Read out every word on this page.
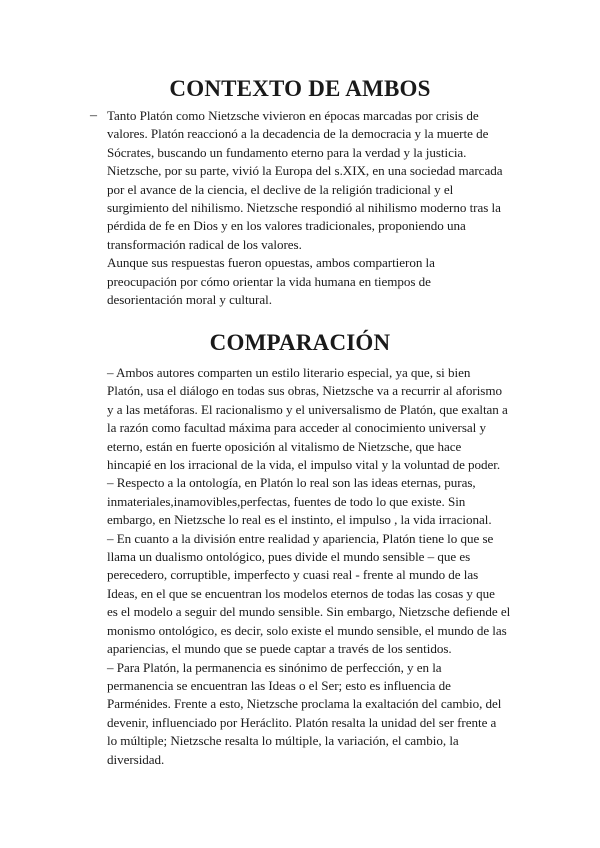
CONTEXTO DE AMBOS
– Tanto Platón como Nietzsche vivieron en épocas marcadas por crisis de
valores. Platón reaccionó a la decadencia de la democracia y la muerte de
Sócrates, buscando un fundamento eterno para la verdad y la justicia.
Nietzsche, por su parte, vivió la Europa del s.XIX, en una sociedad marcada
por el avance de la ciencia, el declive de la religión tradicional y el
surgimiento del nihilismo. Nietzsche respondió al nihilismo moderno tras la
pérdida de fe en Dios y en los valores tradicionales, proponiendo una
transformación radical de los valores.
Aunque sus respuestas fueron opuestas, ambos compartieron la
preocupación por cómo orientar la vida humana en tiempos de
desorientación moral y cultural.
COMPARACIÓN
– Ambos autores comparten un estilo literario especial, ya que, si bien
Platón, usa el diálogo en todas sus obras, Nietzsche va a recurrir al aforismo
y a las metáforas. El racionalismo y el universalismo de Platón, que exaltan a
la razón como facultad máxima para acceder al conocimiento universal y
eterno, están en fuerte oposición al vitalismo de Nietzsche, que hace
hincapié en los irracional de la vida, el impulso vital y la voluntad de poder.
– Respecto a la ontología, en Platón lo real son las ideas eternas, puras,
inmateriales,inamovibles,perfectas, fuentes de todo lo que existe. Sin
embargo, en Nietzsche lo real es el instinto, el impulso , la vida irracional.
– En cuanto a la división entre realidad y apariencia, Platón tiene lo que se
llama un dualismo ontológico, pues divide el mundo sensible – que es
perecedero, corruptible, imperfecto y cuasi real - frente al mundo de las
Ideas, en el que se encuentran los modelos eternos de todas las cosas y que
es el modelo a seguir del mundo sensible. Sin embargo, Nietzsche defiende el
monismo ontológico, es decir, solo existe el mundo sensible, el mundo de las
apariencias, el mundo que se puede captar a través de los sentidos.
– Para Platón, la permanencia es sinónimo de perfección, y en la
permanencia se encuentran las Ideas o el Ser; esto es influencia de
Parménides. Frente a esto, Nietzsche proclama la exaltación del cambio, del
devenir, influenciado por Heráclito. Platón resalta la unidad del ser frente a
lo múltiple; Nietzsche resalta lo múltiple, la variación, el cambio, la
diversidad.
